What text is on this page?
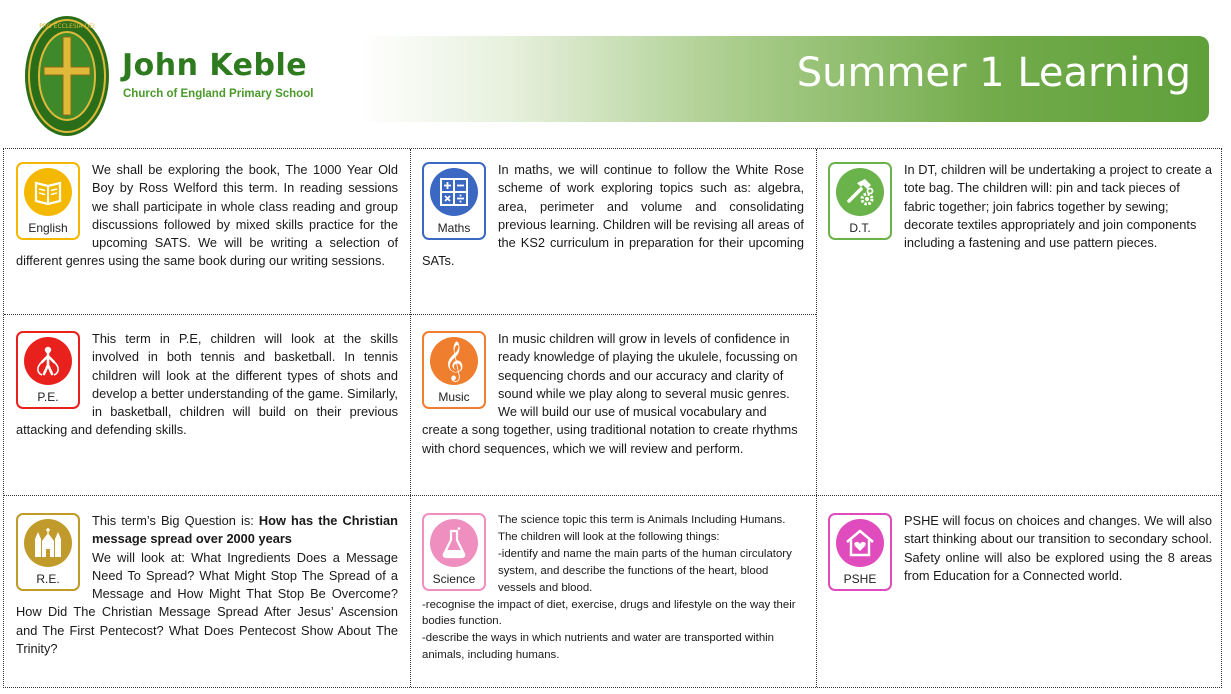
PRO ECCLESIA DEI
John Keble
Church of England Primary School	Summer 1 Learning
English
We shall be exploring the book, The 1000 Year Old Boy by Ross Welford this term. In reading sessions we shall participate in whole class reading and group discussions followed by mixed skills practice for the upcoming SATS. We will be writing a selection of different genres using the same book during our writing sessions.
Maths
In maths, we will continue to follow the White Rose scheme of work exploring topics such as: algebra, area, perimeter and volume and consolidating previous learning. Children will be revising all areas of the KS2 curriculum in preparation for their upcoming SATs.
D.T.
In DT, children will be undertaking a project to create a tote bag. The children will: pin and tack pieces of fabric together; join fabrics together by sewing; decorate textiles appropriately and join components including a fastening and use pattern pieces.
P.E.
This term in P.E, children will look at the skills involved in both tennis and basketball. In tennis children will look at the different types of shots and develop a better understanding of the game. Similarly, in basketball, children will build on their previous attacking and defending skills.
𝄞
Music
In music children will grow in levels of confidence in ready knowledge of playing the ukulele, focussing on sequencing chords and our accuracy and clarity of sound while we play along to several music genres. We will build our use of musical vocabulary and create a song together, using traditional notation to create rhythms with chord sequences, which we will review and perform.
R.E.

This term’s Big Question is: How has the Christian message spread over 2000 years

We will look at: What Ingredients Does a Message Need To Spread? What Might Stop The Spread of a Message and How Might That Stop Be Overcome? How Did The Christian Message Spread After Jesus’ Ascension and The First Pentecost? What Does Pentecost Show About The Trinity?

Science

The science topic this term is Animals Including Humans. The children will look at the following things:

-identify and name the main parts of the human circulatory system, and describe the functions of the heart, blood vessels and blood.

-recognise the impact of diet, exercise, drugs and lifestyle on the way their bodies function.

-describe the ways in which nutrients and water are transported within animals, including humans.

PSHE
PSHE will focus on choices and changes. We will also start thinking about our transition to secondary school. Safety online will also be explored using the 8 areas from Education for a Connected world.
